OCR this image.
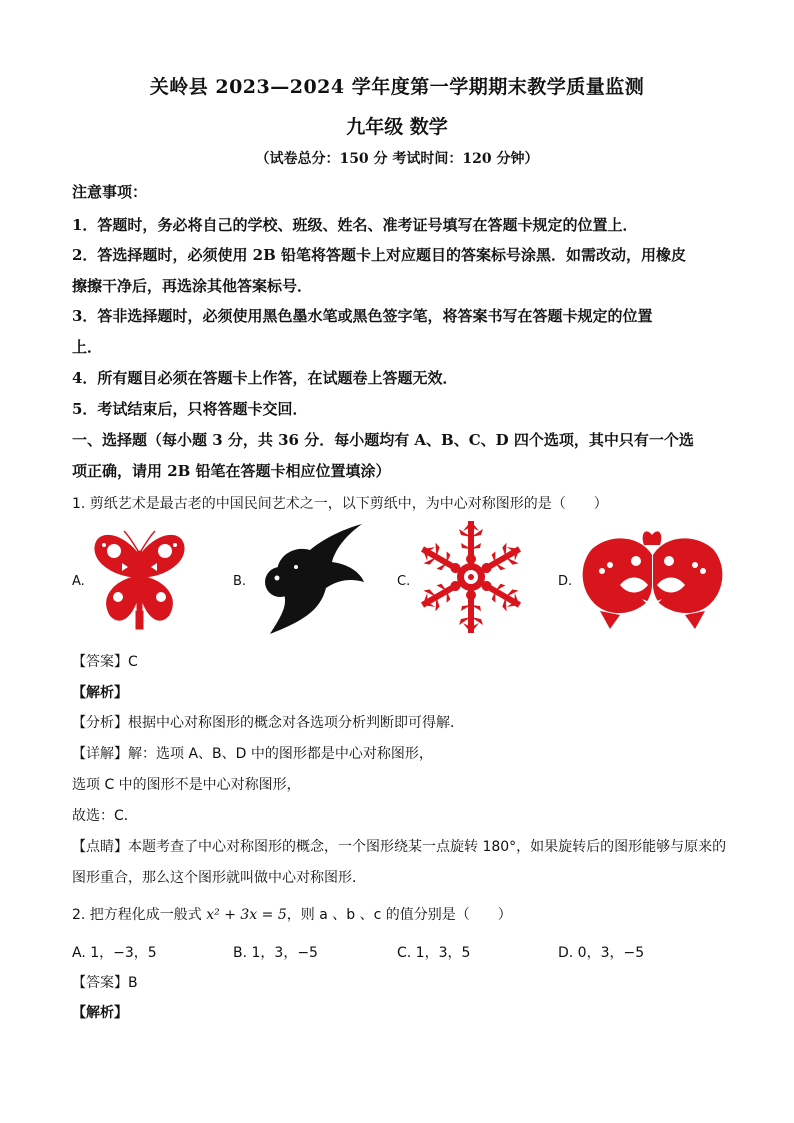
关岭县 2023—2024 学年度第一学期期末教学质量监测
九年级 数学
（试卷总分：150 分 考试时间：120 分钟）
注意事项：
1．答题时，务必将自己的学校、班级、姓名、准考证号填写在答题卡规定的位置上．
2．答选择题时，必须使用 2B 铅笔将答题卡上对应题目的答案标号涂黑．如需改动，用橡皮
擦擦干净后，再选涂其他答案标号．
3．答非选择题时，必须使用黑色墨水笔或黑色签字笔，将答案书写在答题卡规定的位置
上．
4．所有题目必须在答题卡上作答，在试题卷上答题无效．
5．考试结束后，只将答题卡交回．
一、选择题（每小题 3 分，共 36 分．每小题均有 A、B、C、D 四个选项，其中只有一个选
项正确，请用 2B 铅笔在答题卡相应位置填涂）
1. 剪纸艺术是最古老的中国民间艺术之一，以下剪纸中，为中心对称图形的是（　　）
A.	B.	C.	D.
【答案】C
【解析】
【分析】根据中心对称图形的概念对各选项分析判断即可得解．
【详解】解：选项 A、B、D 中的图形都是中心对称图形，
选项 C 中的图形不是中心对称图形，
故选：C．
【点睛】本题考查了中心对称图形的概念，一个图形绕某一点旋转 180°，如果旋转后的图形能够与原来的
图形重合，那么这个图形就叫做中心对称图形．
2. 把方程化成一般式 x² + 3x = 5，则 a 、b 、c 的值分别是（　　）
A. 1，−3，5	B. 1，3，−5	C. 1，3，5	D. 0，3，−5
【答案】B
【解析】
